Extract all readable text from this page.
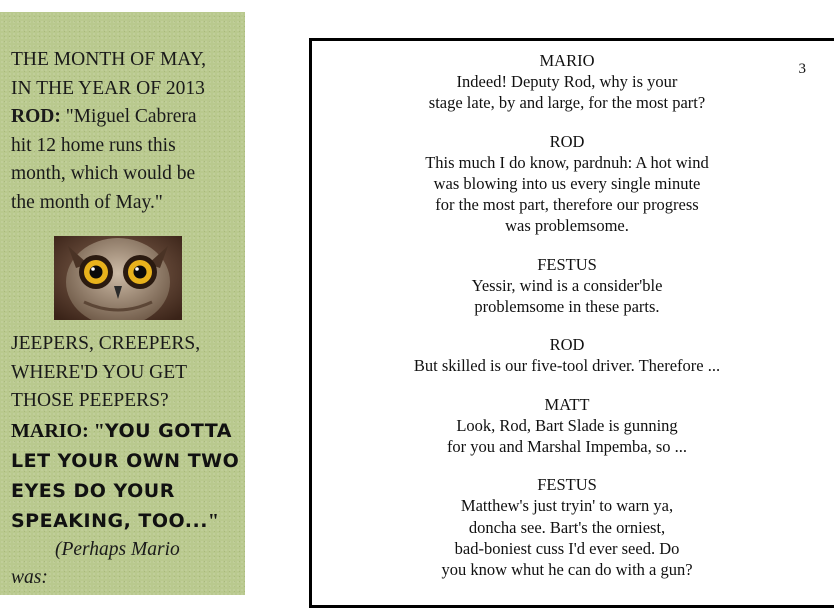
THE MONTH OF MAY,
IN THE YEAR OF 2013
ROD: "Miguel Cabrera
hit 12 home runs this
month, which would be
the month of May."

JEEPERS, CREEPERS,
WHERE'D YOU GET
THOSE PEEPERS?

MARIO: "YOU GOTTA
LET YOUR OWN TWO
EYES DO YOUR
SPEAKING, TOO..."

(Perhaps Mario
was:

3
MARIO
Indeed! Deputy Rod, why is your
stage late, by and large, for the most part?
ROD
This much I do know, pardnuh: A hot wind
was blowing into us every single minute
for the most part, therefore our progress
was problemsome.
FESTUS
Yessir, wind is a consider'ble
problemsome in these parts.
ROD
But skilled is our five-tool driver. Therefore ...
MATT
Look, Rod, Bart Slade is gunning
for you and Marshal Impemba, so ...
FESTUS
Matthew's just tryin' to warn ya,
doncha see. Bart's the orniest,
bad-boniest cuss I'd ever seed. Do
you know whut he can do with a gun?
